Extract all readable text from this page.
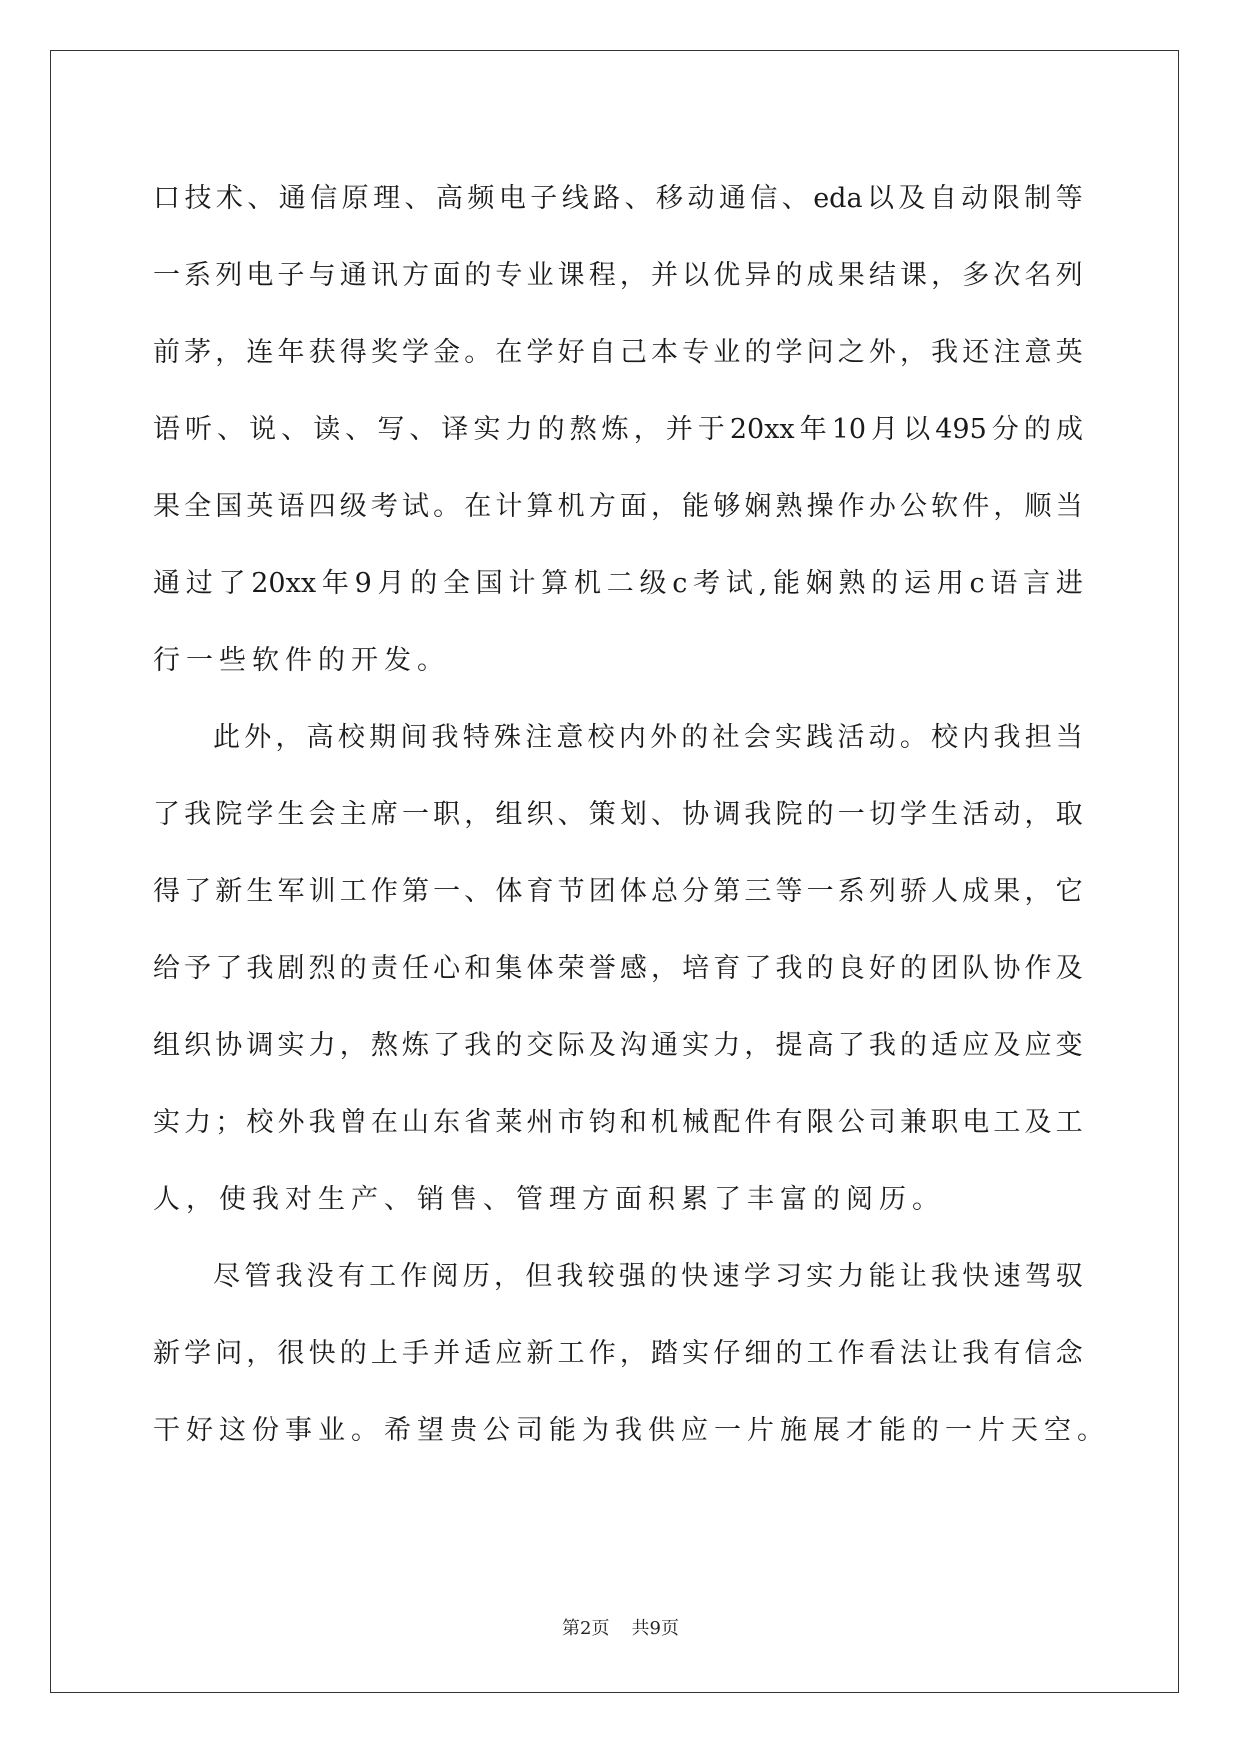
口 技 术 、 通 信 原 理 、 高 频 电 子 线 路 、 移 动 通 信 、 eda 以 及 自 动 限 制 等
一 系 列 电 子 与 通 讯 方 面 的 专 业 课 程 ， 并 以 优 异 的 成 果 结 课 ， 多 次 名 列
前 茅 ， 连 年 获 得 奖 学 金 。 在 学 好 自 己 本 专 业 的 学 问 之 外 ， 我 还 注 意 英
语 听 、 说 、 读 、 写 、 译 实 力 的 熬 炼 ， 并 于 20xx 年 10 月 以 495 分 的 成
果 全 国 英 语 四 级 考 试 。 在 计 算 机 方 面 ， 能 够 娴 熟 操 作 办 公 软 件 ， 顺 当
通 过 了 20xx 年 9 月 的 全 国 计 算 机 二 级 c 考 试 , 能 娴 熟 的 运 用 c 语 言 进
行一些软件的开发。
此 外 ， 高 校 期 间 我 特 殊 注 意 校 内 外 的 社 会 实 践 活 动 。 校 内 我 担 当
了 我 院 学 生 会 主 席 一 职 ， 组 织 、 策 划 、 协 调 我 院 的 一 切 学 生 活 动 ， 取
得 了 新 生 军 训 工 作 第 一 、 体 育 节 团 体 总 分 第 三 等 一 系 列 骄 人 成 果 ， 它
给 予 了 我 剧 烈 的 责 任 心 和 集 体 荣 誉 感 ， 培 育 了 我 的 良 好 的 团 队 协 作 及
组 织 协 调 实 力 ， 熬 炼 了 我 的 交 际 及 沟 通 实 力 ， 提 高 了 我 的 适 应 及 应 变
实 力 ； 校 外 我 曾 在 山 东 省 莱 州 市 钧 和 机 械 配 件 有 限 公 司 兼 职 电 工 及 工
人，使我对生产、销售、管理方面积累了丰富的阅历。
尽 管 我 没 有 工 作 阅 历 ， 但 我 较 强 的 快 速 学 习 实 力 能 让 我 快 速 驾 驭
新 学 问 ， 很 快 的 上 手 并 适 应 新 工 作 ， 踏 实 仔 细 的 工 作 看 法 让 我 有 信 念
干好这份事业。希望贵公司能为我供应一片施展才能的一片天空。
第2页 共9页
